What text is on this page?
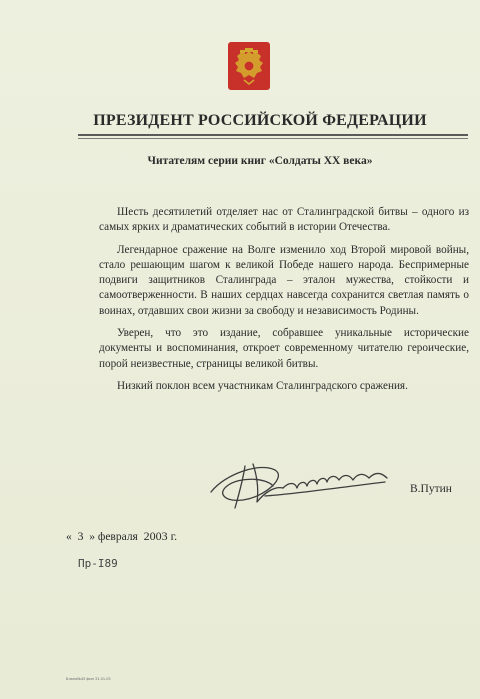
ПРЕЗИДЕНТ РОССИЙСКОЙ ФЕДЕРАЦИИ
Читателям серии книг «Солдаты XX века»

Шесть десятилетий отделяет нас от Сталинградской битвы – одного из самых ярких и драматических событий в истории Отечества.

Легендарное сражение на Волге изменило ход Второй мировой войны, стало решающим шагом к великой Победе нашего народа. Беспримерные подвиги защитников Сталинграда – эталон мужества, стойкости и самоотверженности. В наших сердцах навсегда сохранится светлая память о воинах, отдавших свои жизни за свободу и независимость Родины.

Уверен, что это издание, собравшее уникальные исторические документы и воспоминания, откроет современному читателю героические, порой неизвестные, страницы великой битвы.

Низкий поклон всем участникам Сталинградского сражения.

В.Путин
« 3 » февраля 2003 г.
Пр-I89
Бланк№43 фин 31.01.03
